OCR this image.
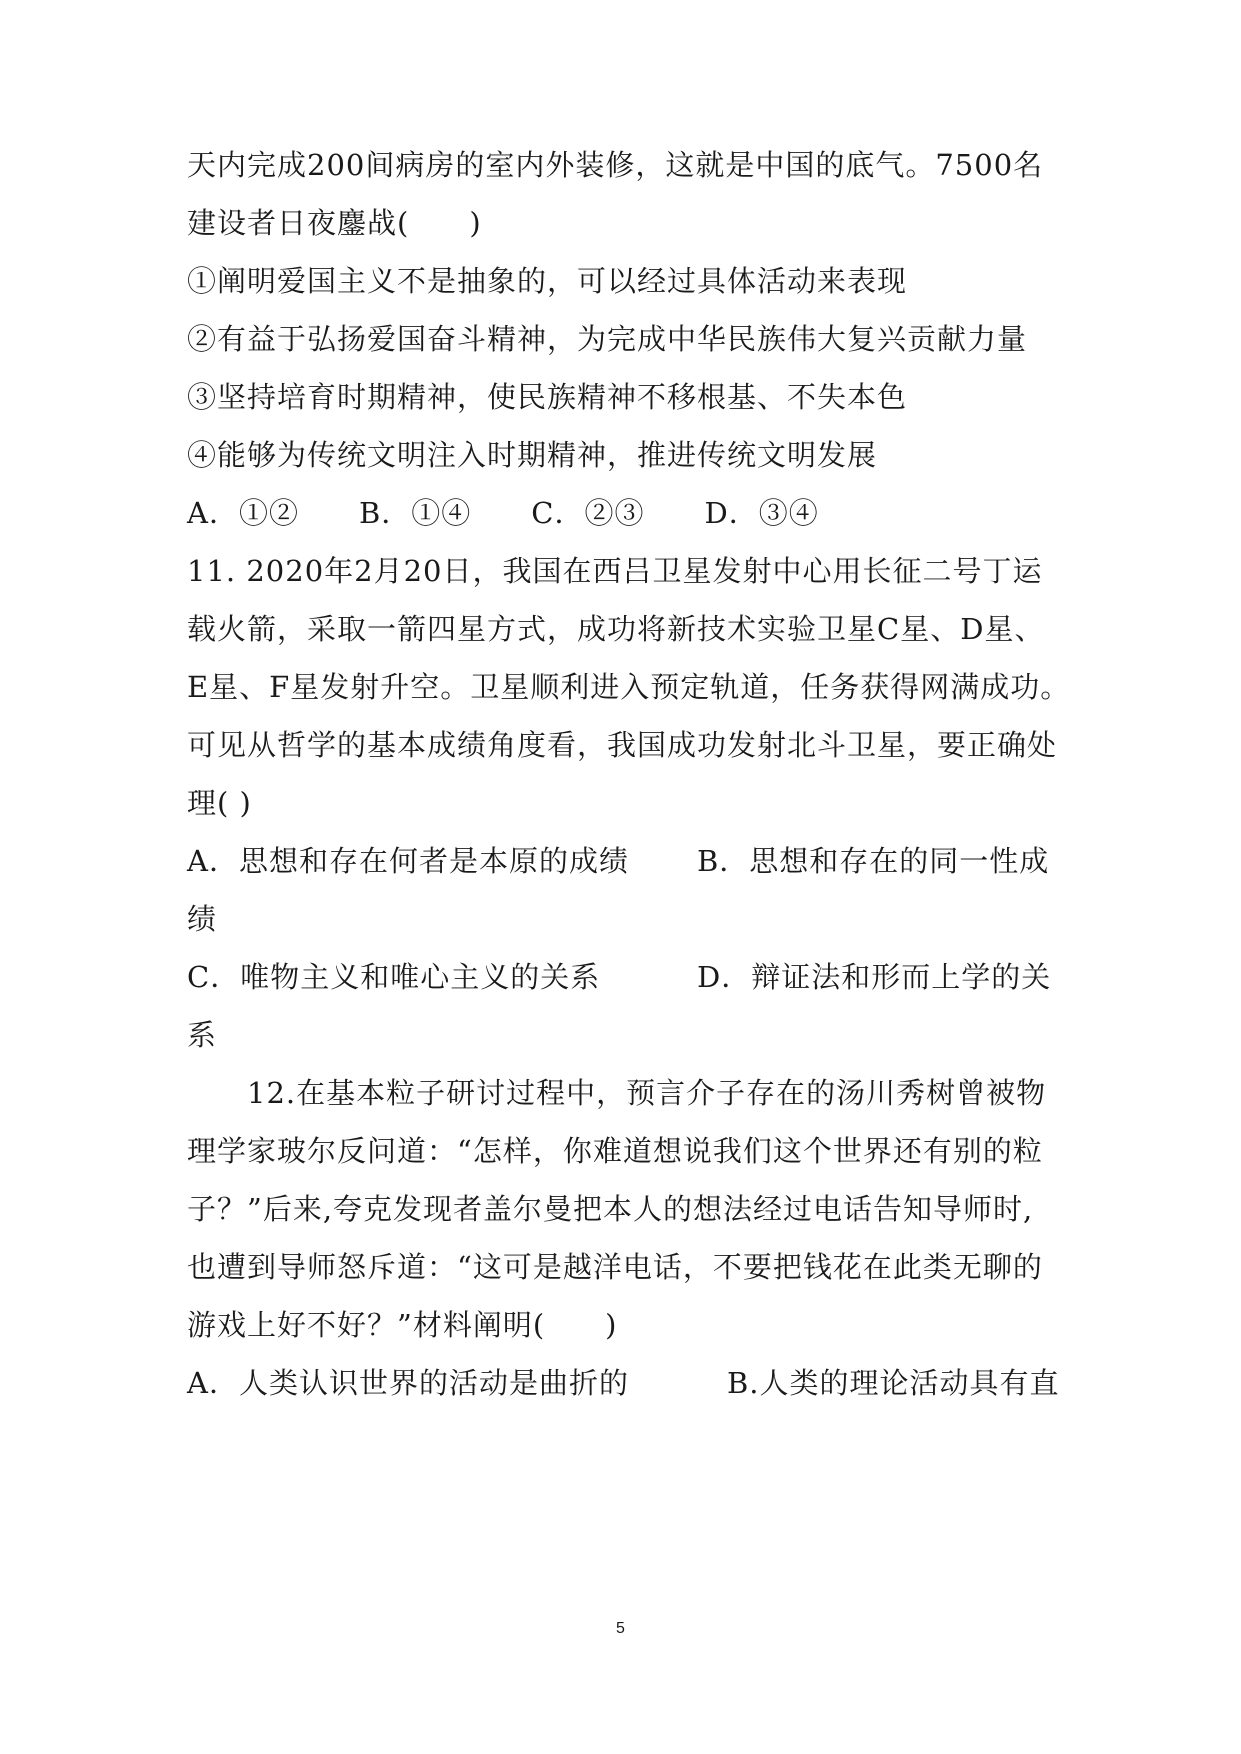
天内完成200间病房的室内外装修，这就是中国的底气。7500名
建设者日夜鏖战(　　)
①阐明爱国主义不是抽象的，可以经过具体活动来表现
②有益于弘扬爱国奋斗精神，为完成中华民族伟大复兴贡献力量
③坚持培育时期精神，使民族精神不移根基、不失本色
④能够为传统文明注入时期精神，推进传统文明发展
A．①②　　B．①④　　C．②③　　D．③④
11. 2020年2月20日，我国在西吕卫星发射中心用长征二号丁运
载火箭，采取一箭四星方式，成功将新技术实验卫星C星、D星、
E星、F星发射升空。卫星顺利进入预定轨道，任务获得网满成功。
可见从哲学的基本成绩角度看，我国成功发射北斗卫星，要正确处
理( )
A．思想和存在何者是本原的成绩 B．思想和存在的同一性成
绩
C．唯物主义和唯心主义的关系	D．辩证法和形而上学的关
系
12.在基本粒子研讨过程中，预言介子存在的汤川秀树曾被物
理学家玻尔反问道：“怎样，你难道想说我们这个世界还有别的粒
子？”后来,夸克发现者盖尔曼把本人的想法经过电话告知导师时,
也遭到导师怒斥道：“这可是越洋电话，不要把钱花在此类无聊的
游戏上好不好？”材料阐明(　　)
A．人类认识世界的活动是曲折的	B.人类的理论活动具有直
5
